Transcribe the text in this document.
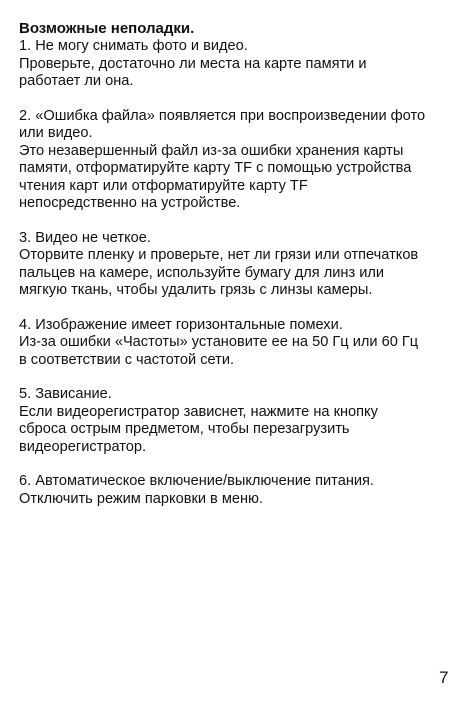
Возможные неполадки.
1. Не могу снимать фото и видео.
Проверьте, достаточно ли места на карте памяти и
работает ли она.
2. «Ошибка файла» появляется при воспроизведении фото
или видео.
Это незавершенный файл из-за ошибки хранения карты
памяти, отформатируйте карту TF с помощью устройства
чтения карт или отформатируйте карту TF
непосредственно на устройстве.
3. Видео не четкое.
Оторвите пленку и проверьте, нет ли грязи или отпечатков
пальцев на камере, используйте бумагу для линз или
мягкую ткань, чтобы удалить грязь с линзы камеры.
4. Изображение имеет горизонтальные помехи.
Из-за ошибки «Частоты» установите ее на 50 Гц или 60 Гц
в соответствии с частотой сети.
5. Зависание.
Если видеорегистратор зависнет, нажмите на кнопку
сброса острым предметом, чтобы перезагрузить
видеорегистратор.
6. Автоматическое включение/выключение питания.
Отключить режим парковки в меню.
7
